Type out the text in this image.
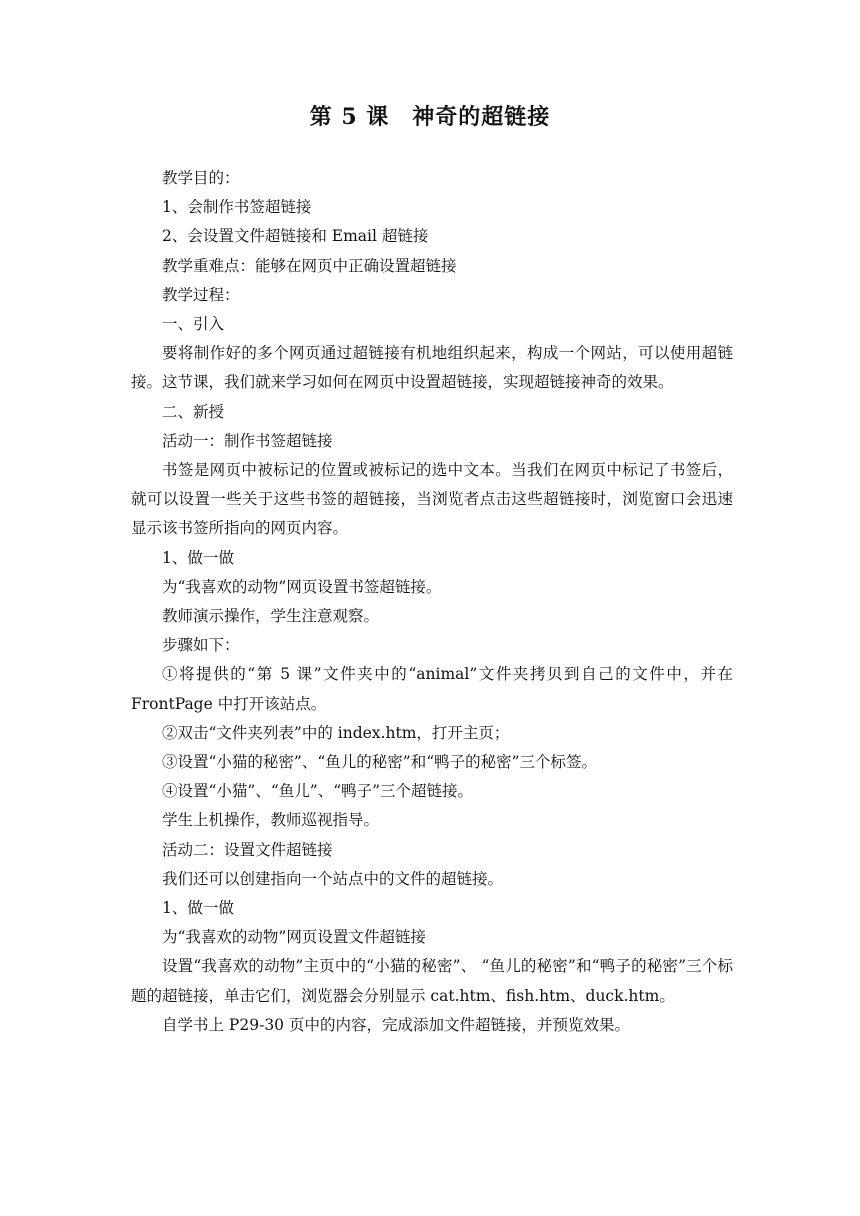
第 5 课　神奇的超链接

教学目的：

1、会制作书签超链接

2、会设置文件超链接和 Email 超链接

教学重难点：能够在网页中正确设置超链接

教学过程：

一、引入

要将制作好的多个网页通过超链接有机地组织起来，构成一个网站，可以使用超链接。这节课，我们就来学习如何在网页中设置超链接，实现超链接神奇的效果。

二、新授

活动一：制作书签超链接

书签是网页中被标记的位置或被标记的选中文本。当我们在网页中标记了书签后，就可以设置一些关于这些书签的超链接，当浏览者点击这些超链接时，浏览窗口会迅速显示该书签所指向的网页内容。

1、做一做

为“我喜欢的动物”网页设置书签超链接。

教师演示操作，学生注意观察。

步骤如下：

①将提供的“第 5 课”文件夹中的“animal”文件夹拷贝到自己的文件中，并在 FrontPage 中打开该站点。

②双击“文件夹列表”中的 index.htm，打开主页；

③设置“小猫的秘密”、“鱼儿的秘密”和“鸭子的秘密”三个标签。

④设置“小猫”、“鱼儿”、“鸭子”三个超链接。

学生上机操作，教师巡视指导。

活动二：设置文件超链接

我们还可以创建指向一个站点中的文件的超链接。

1、做一做

为“我喜欢的动物”网页设置文件超链接

设置“我喜欢的动物”主页中的“小猫的秘密”、 “鱼儿的秘密”和“鸭子的秘密”三个标题的超链接，单击它们，浏览器会分别显示 cat.htm、fish.htm、duck.htm。

自学书上 P29-30 页中的内容，完成添加文件超链接，并预览效果。
